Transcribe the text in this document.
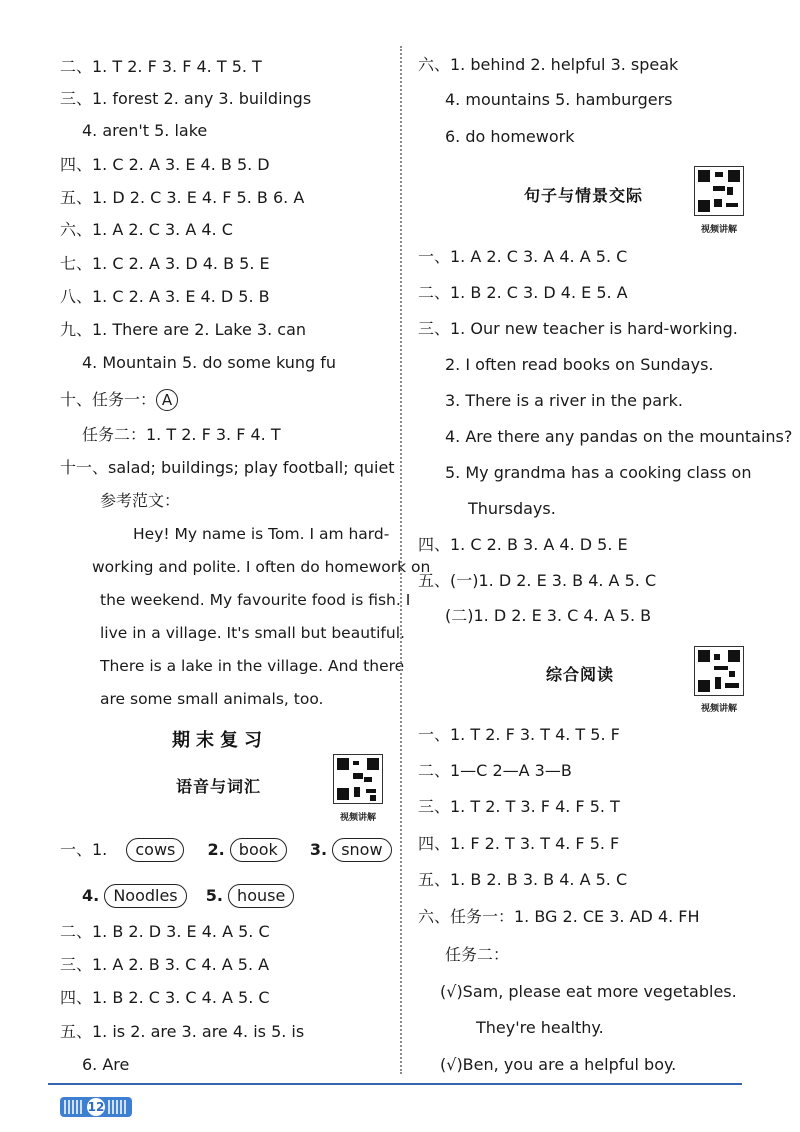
二、1. T 2. F 3. F 4. T 5. T
三、1. forest 2. any 3. buildings
4. aren't 5. lake
四、1. C 2. A 3. E 4. B 5. D
五、1. D 2. C 3. E 4. F 5. B 6. A
六、1. A 2. C 3. A 4. C
七、1. C 2. A 3. D 4. B 5. E
八、1. C 2. A 3. E 4. D 5. B
九、1. There are 2. Lake 3. can
4. Mountain 5. do some kung fu
十、任务一： A
任务二：1. T 2. F 3. F 4. T
十一、salad; buildings; play football; quiet
参考范文：
Hey! My name is Tom. I am hard-
working and polite. I often do homework on
the weekend. My favourite food is fish. I
live in a village. It's small but beautiful.
There is a lake in the village. And there
are some small animals, too.
期末复习
语音与词汇
视频讲解
一、1. cows 2. book 3. snow
4. Noodles 5. house
二、1. B 2. D 3. E 4. A 5. C
三、1. A 2. B 3. C 4. A 5. A
四、1. B 2. C 3. C 4. A 5. C
五、1. is 2. are 3. are 4. is 5. is
6. Are
六、1. behind 2. helpful 3. speak
4. mountains 5. hamburgers
6. do homework
句子与情景交际
视频讲解
一、1. A 2. C 3. A 4. A 5. C
二、1. B 2. C 3. D 4. E 5. A
三、1. Our new teacher is hard-working.
2. I often read books on Sundays.
3. There is a river in the park.
4. Are there any pandas on the mountains?
5. My grandma has a cooking class on
Thursdays.
四、1. C 2. B 3. A 4. D 5. E
五、(一)1. D 2. E 3. B 4. A 5. C
(二)1. D 2. E 3. C 4. A 5. B
综合阅读
视频讲解
一、1. T 2. F 3. T 4. T 5. F
二、1—C 2—A 3—B
三、1. T 2. T 3. F 4. F 5. T
四、1. F 2. T 3. T 4. F 5. F
五、1. B 2. B 3. B 4. A 5. C
六、任务一：1. BG 2. CE 3. AD 4. FH
任务二：
(√)Sam, please eat more vegetables.
They're healthy.
(√)Ben, you are a helpful boy.
12
